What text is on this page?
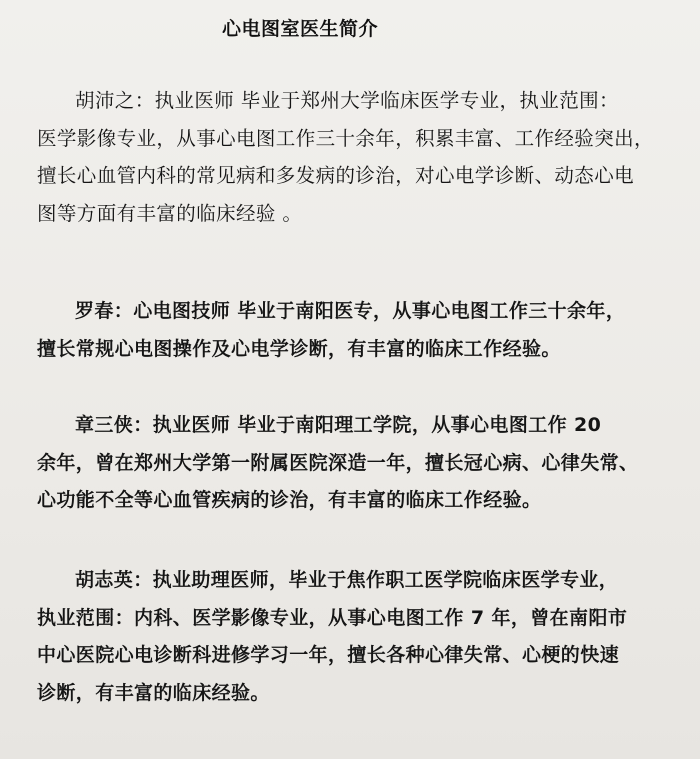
心电图室医生简介
胡沛之：执业医师 毕业于郑州大学临床医学专业，执业范围：
医学影像专业，从事心电图工作三十余年，积累丰富、工作经验突出，
擅长心血管内科的常见病和多发病的诊治，对心电学诊断、动态心电
图等方面有丰富的临床经验 。
罗春：心电图技师 毕业于南阳医专，从事心电图工作三十余年，
擅长常规心电图操作及心电学诊断，有丰富的临床工作经验。
章三侠：执业医师 毕业于南阳理工学院，从事心电图工作 20
余年，曾在郑州大学第一附属医院深造一年，擅长冠心病、心律失常、
心功能不全等心血管疾病的诊治，有丰富的临床工作经验。
胡志英：执业助理医师，毕业于焦作职工医学院临床医学专业，
执业范围：内科、医学影像专业，从事心电图工作 7 年，曾在南阳市
中心医院心电诊断科进修学习一年，擅长各种心律失常、心梗的快速
诊断，有丰富的临床经验。
